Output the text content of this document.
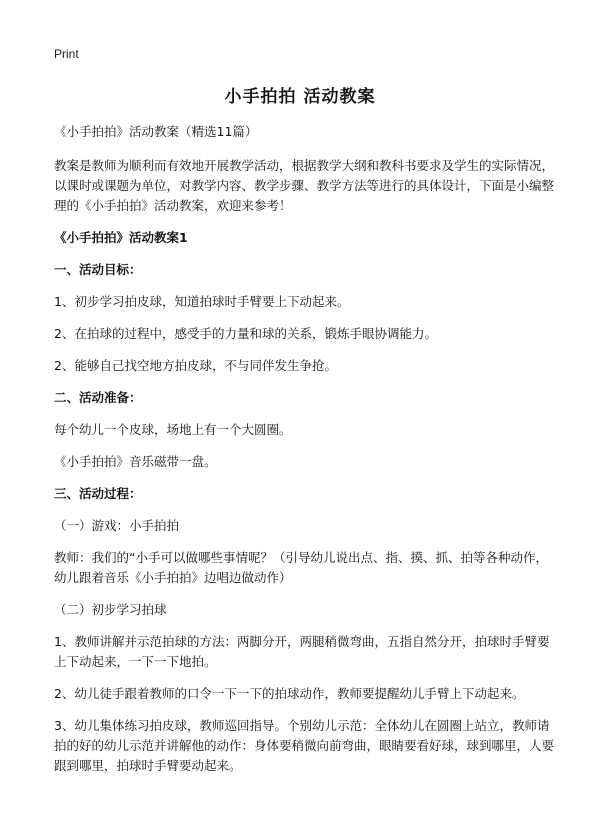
Print
小手拍拍 活动教案
《小手拍拍》活动教案（精选11篇）
教案是教师为顺利而有效地开展教学活动，根据教学大纲和教科书要求及学生的实际情况，以课时或课题为单位，对教学内容、教学步骤、教学方法等进行的具体设计，下面是小编整理的《小手拍拍》活动教案，欢迎来参考！
《小手拍拍》活动教案1
一、活动目标：
1、初步学习拍皮球，知道拍球时手臂要上下动起来。
2、在拍球的过程中，感受手的力量和球的关系，锻炼手眼协调能力。
2、能够自己找空地方拍皮球，不与同伴发生争抢。
二、活动准备：
每个幼儿一个皮球，场地上有一个大圆圈。
《小手拍拍》音乐磁带一盘。
三、活动过程：
（一）游戏：小手拍拍
教师：我们的“小手可以做哪些事情呢？（引导幼儿说出点、指、摸、抓、拍等各种动作，幼儿跟着音乐《小手拍拍》边唱边做动作）
（二）初步学习拍球
1、教师讲解并示范拍球的方法：两脚分开，两腿稍微弯曲，五指自然分开，拍球时手臂要上下动起来，一下一下地拍。
2、幼儿徒手跟着教师的口令一下一下的拍球动作，教师要提醒幼儿手臂上下动起来。
3、幼儿集体练习拍皮球，教师巡回指导。个别幼儿示范：全体幼儿在圆圈上站立，教师请拍的好的幼儿示范并讲解他的动作：身体要稍微向前弯曲，眼睛要看好球，球到哪里，人要跟到哪里，拍球时手臂要动起来。
